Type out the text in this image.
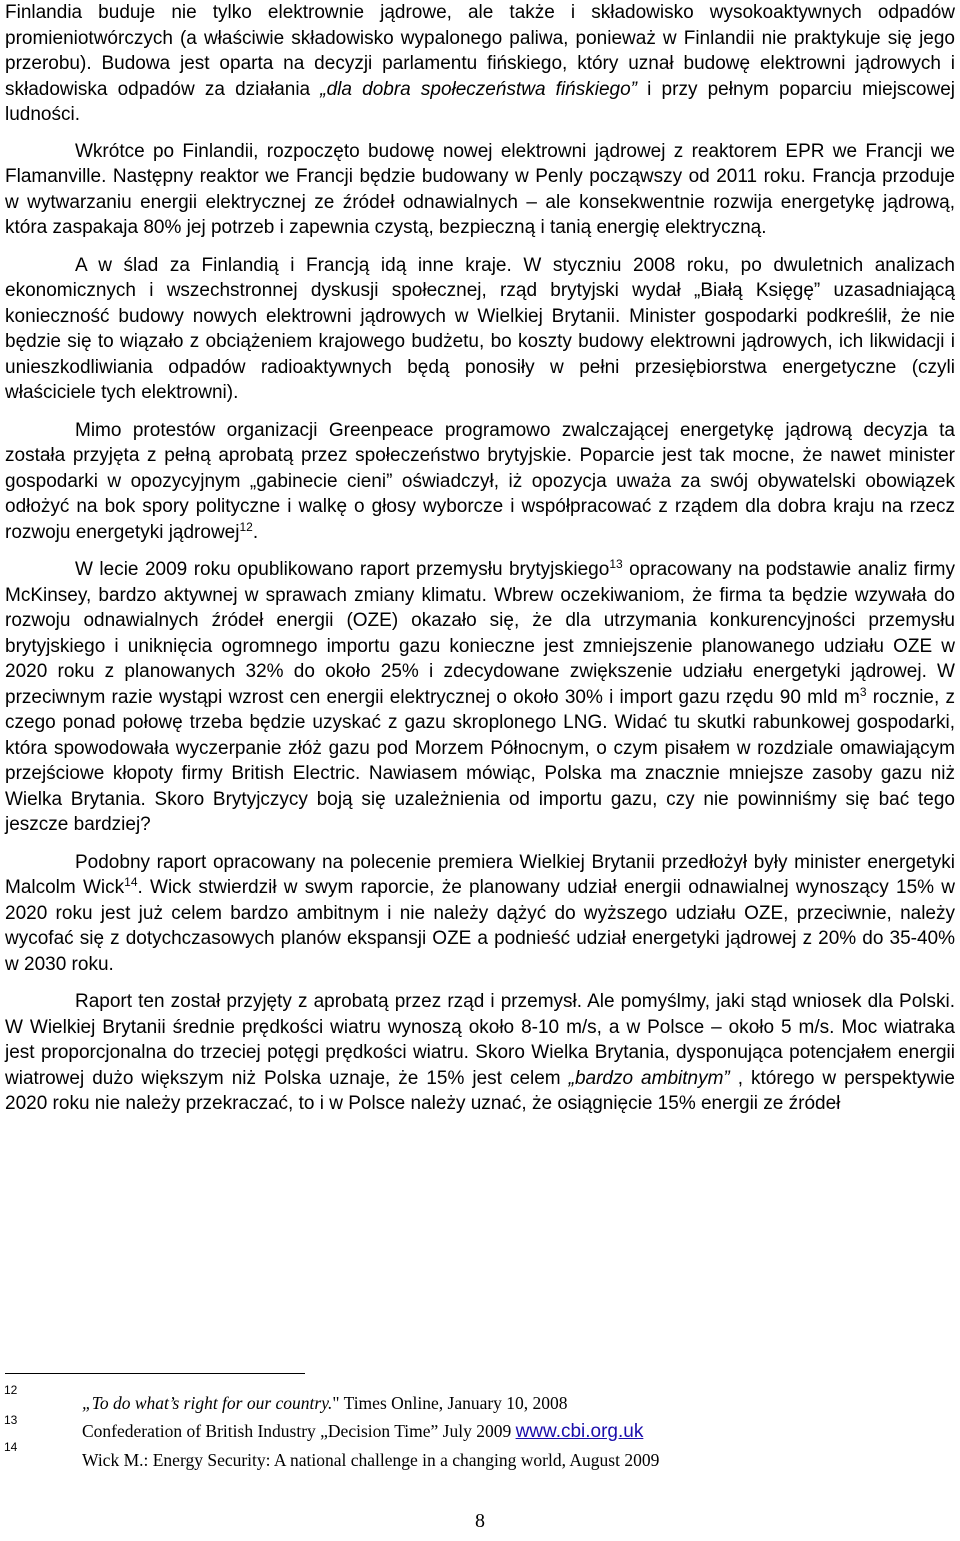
Finlandia buduje nie tylko elektrownie jądrowe, ale także i składowisko wysokoaktywnych odpadów promieniotwórczych (a właściwie składowisko wypalonego paliwa, ponieważ w Finlandii nie praktykuje się jego przerobu). Budowa jest oparta na decyzji parlamentu fińskiego, który uznał budowę elektrowni jądrowych i składowiska odpadów za działania „dla dobra społeczeństwa fińskiego” i przy pełnym poparciu miejscowej ludności.

Wkrótce po Finlandii, rozpoczęto budowę nowej elektrowni jądrowej z reaktorem EPR we Francji we Flamanville. Następny reaktor we Francji będzie budowany w Penly począwszy od 2011 roku. Francja przoduje w wytwarzaniu energii elektrycznej ze źródeł odnawialnych – ale konsekwentnie rozwija energetykę jądrową, która zaspakaja 80% jej potrzeb i zapewnia czystą, bezpieczną i tanią energię elektryczną.

A w ślad za Finlandią i Francją idą inne kraje. W styczniu 2008 roku, po dwuletnich analizach ekonomicznych i wszechstronnej dyskusji społecznej, rząd brytyjski wydał „Białą Księgę” uzasadniającą konieczność budowy nowych elektrowni jądrowych w Wielkiej Brytanii. Minister gospodarki podkreślił, że nie będzie się to wiązało z obciążeniem krajowego budżetu, bo koszty budowy elektrowni jądrowych, ich likwidacji i unieszkodliwiania odpadów radioaktywnych będą ponosiły w pełni przesiębiorstwa energetyczne (czyli właściciele tych elektrowni).

Mimo protestów organizacji Greenpeace programowo zwalczającej energetykę jądrową decyzja ta została przyjęta z pełną aprobatą przez społeczeństwo brytyjskie. Poparcie jest tak mocne, że nawet minister gospodarki w opozycyjnym „gabinecie cieni” oświadczył, iż opozycja uważa za swój obywatelski obowiązek odłożyć na bok spory polityczne i walkę o głosy wyborcze i współpracować z rządem dla dobra kraju na rzecz rozwoju energetyki jądrowej$^{12}$.

W lecie 2009 roku opublikowano raport przemysłu brytyjskiego$^{13}$ opracowany na podstawie analiz firmy McKinsey, bardzo aktywnej w sprawach zmiany klimatu. Wbrew oczekiwaniom, że firma ta będzie wzywała do rozwoju odnawialnych źródeł energii (OZE) okazało się, że dla utrzymania konkurencyjności przemysłu brytyjskiego i uniknięcia ogromnego importu gazu konieczne jest zmniejszenie planowanego udziału OZE w 2020 roku z planowanych 32% do około 25% i zdecydowane zwiększenie udziału energetyki jądrowej. W przeciwnym razie wystąpi wzrost cen energii elektrycznej o około 30% i import gazu rzędu 90 mld $m^3$ rocznie, z czego ponad połowę trzeba będzie uzyskać z gazu skroplonego LNG. Widać tu skutki rabunkowej gospodarki, która spowodowała wyczerpanie złóż gazu pod Morzem Północnym, o czym pisałem w rozdziale omawiającym przejściowe kłopoty firmy British Electric. Nawiasem mówiąc, Polska ma znacznie mniejsze zasoby gazu niż Wielka Brytania. Skoro Brytyjczycy boją się uzależnienia od importu gazu, czy nie powinniśmy się bać tego jeszcze bardziej?

Podobny raport opracowany na polecenie premiera Wielkiej Brytanii przedłożył były minister energetyki Malcolm Wick$^{14}$. Wick stwierdził w swym raporcie, że planowany udział energii odnawialnej wynoszący 15% w 2020 roku jest już celem bardzo ambitnym i nie należy dążyć do wyższego udziału OZE, przeciwnie, należy wycofać się z dotychczasowych planów ekspansji OZE a podnieść udział energetyki jądrowej z 20% do 35-40% w 2030 roku.

Raport ten został przyjęty z aprobatą przez rząd i przemysł. Ale pomyślmy, jaki stąd wniosek dla Polski. W Wielkiej Brytanii średnie prędkości wiatru wynoszą około 8-10 m/s, a w Polsce – około 5 m/s. Moc wiatraka jest proporcjonalna do trzeciej potęgi prędkości wiatru. Skoro Wielka Brytania, dysponująca potencjałem energii wiatrowej dużo większym niż Polska uznaje, że 15% jest celem „bardzo ambitnym” , którego w perspektywie 2020 roku nie należy przekraczać, to i w Polsce należy uznać, że osiągnięcie 15% energii ze źródeł

12
13
14
„To do what’s right for our country." Times Online, January 10, 2008
Confederation of British Industry „Decision Time” July 2009 www.cbi.org.uk
Wick M.: Energy Security: A national challenge in a changing world, August 2009
8
